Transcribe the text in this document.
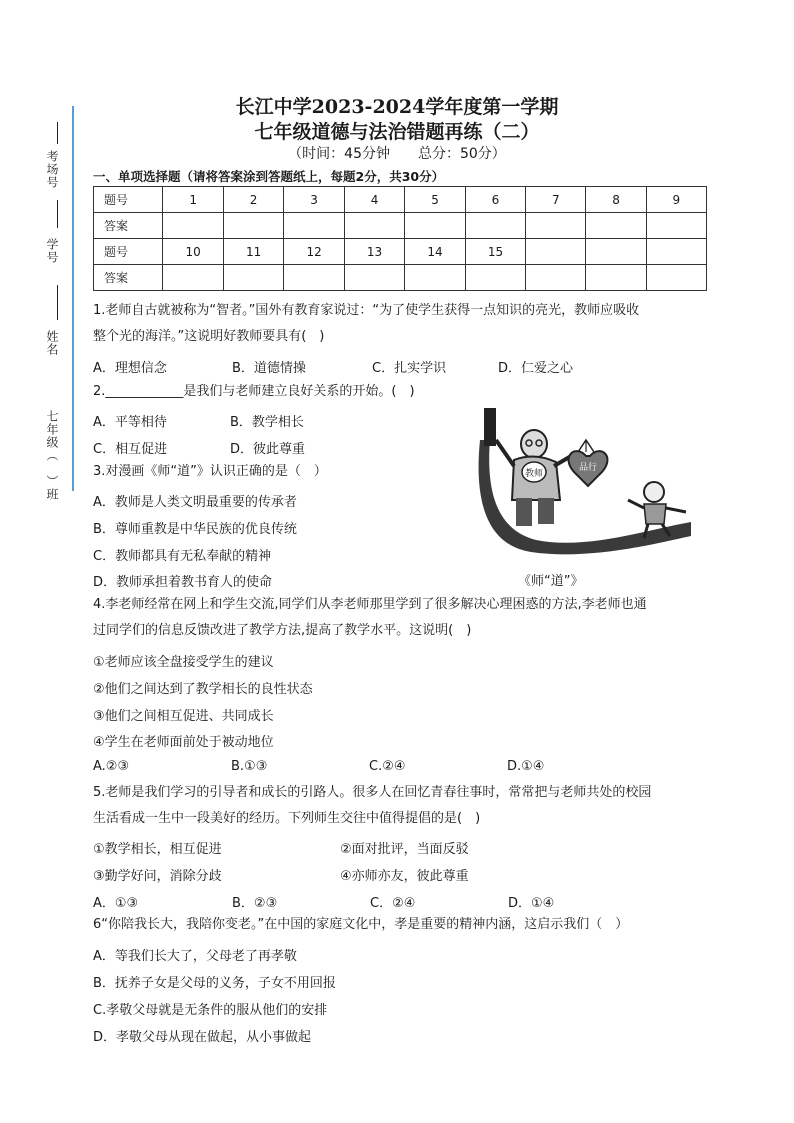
考场号
学号
姓名
七年级（　）班
长江中学2023-2024学年度第一学期
七年级道德与法治错题再练（二）
（时间：45分钟　　总分：50分）
一、单项选择题（请将答案涂到答题纸上，每题2分，共30分）
题号	1	2	3	4	5	6	7	8	9
答案									
题号	10	11	12	13	14	15			
答案									
1.老师自古就被称为“智者。”国外有教育家说过：“为了使学生获得一点知识的亮光，教师应吸收
整个光的海洋。”这说明好教师要具有(　)
A．理想信念	B．道德情操	C．扎实学识	D．仁爱之心
2.____________是我们与老师建立良好关系的开始。(　)
A．平等相待	B．教学相长
C．相互促进	D．彼此尊重
3.对漫画《师“道”》认识正确的是（　）
A．教师是人类文明最重要的传承者
B．尊师重教是中华民族的优良传统
C．教师都具有无私奉献的精神
D．教师承担着教书育人的使命
教师
品行
《师“道”》
4.李老师经常在网上和学生交流,同学们从李老师那里学到了很多解决心理困惑的方法,李老师也通
过同学们的信息反馈改进了教学方法,提高了教学水平。这说明(　)
①老师应该全盘接受学生的建议
②他们之间达到了教学相长的良性状态
③他们之间相互促进、共同成长
④学生在老师面前处于被动地位
A.②③	B.①③	C.②④	D.①④
5.老师是我们学习的引导者和成长的引路人。很多人在回忆青春往事时，常常把与老师共处的校园
生活看成一生中一段美好的经历。下列师生交往中值得提倡的是(　)
①教学相长，相互促进	②面对批评，当面反驳
③勤学好问，消除分歧	④亦师亦友，彼此尊重
A．①③	B．②③	C．②④	D．①④
6“你陪我长大，我陪你变老。”在中国的家庭文化中，孝是重要的精神内涵，这启示我们（　）
A．等我们长大了，父母老了再孝敬
B．抚养子女是父母的义务，子女不用回报
C.孝敬父母就是无条件的服从他们的安排
D．孝敬父母从现在做起，从小事做起
